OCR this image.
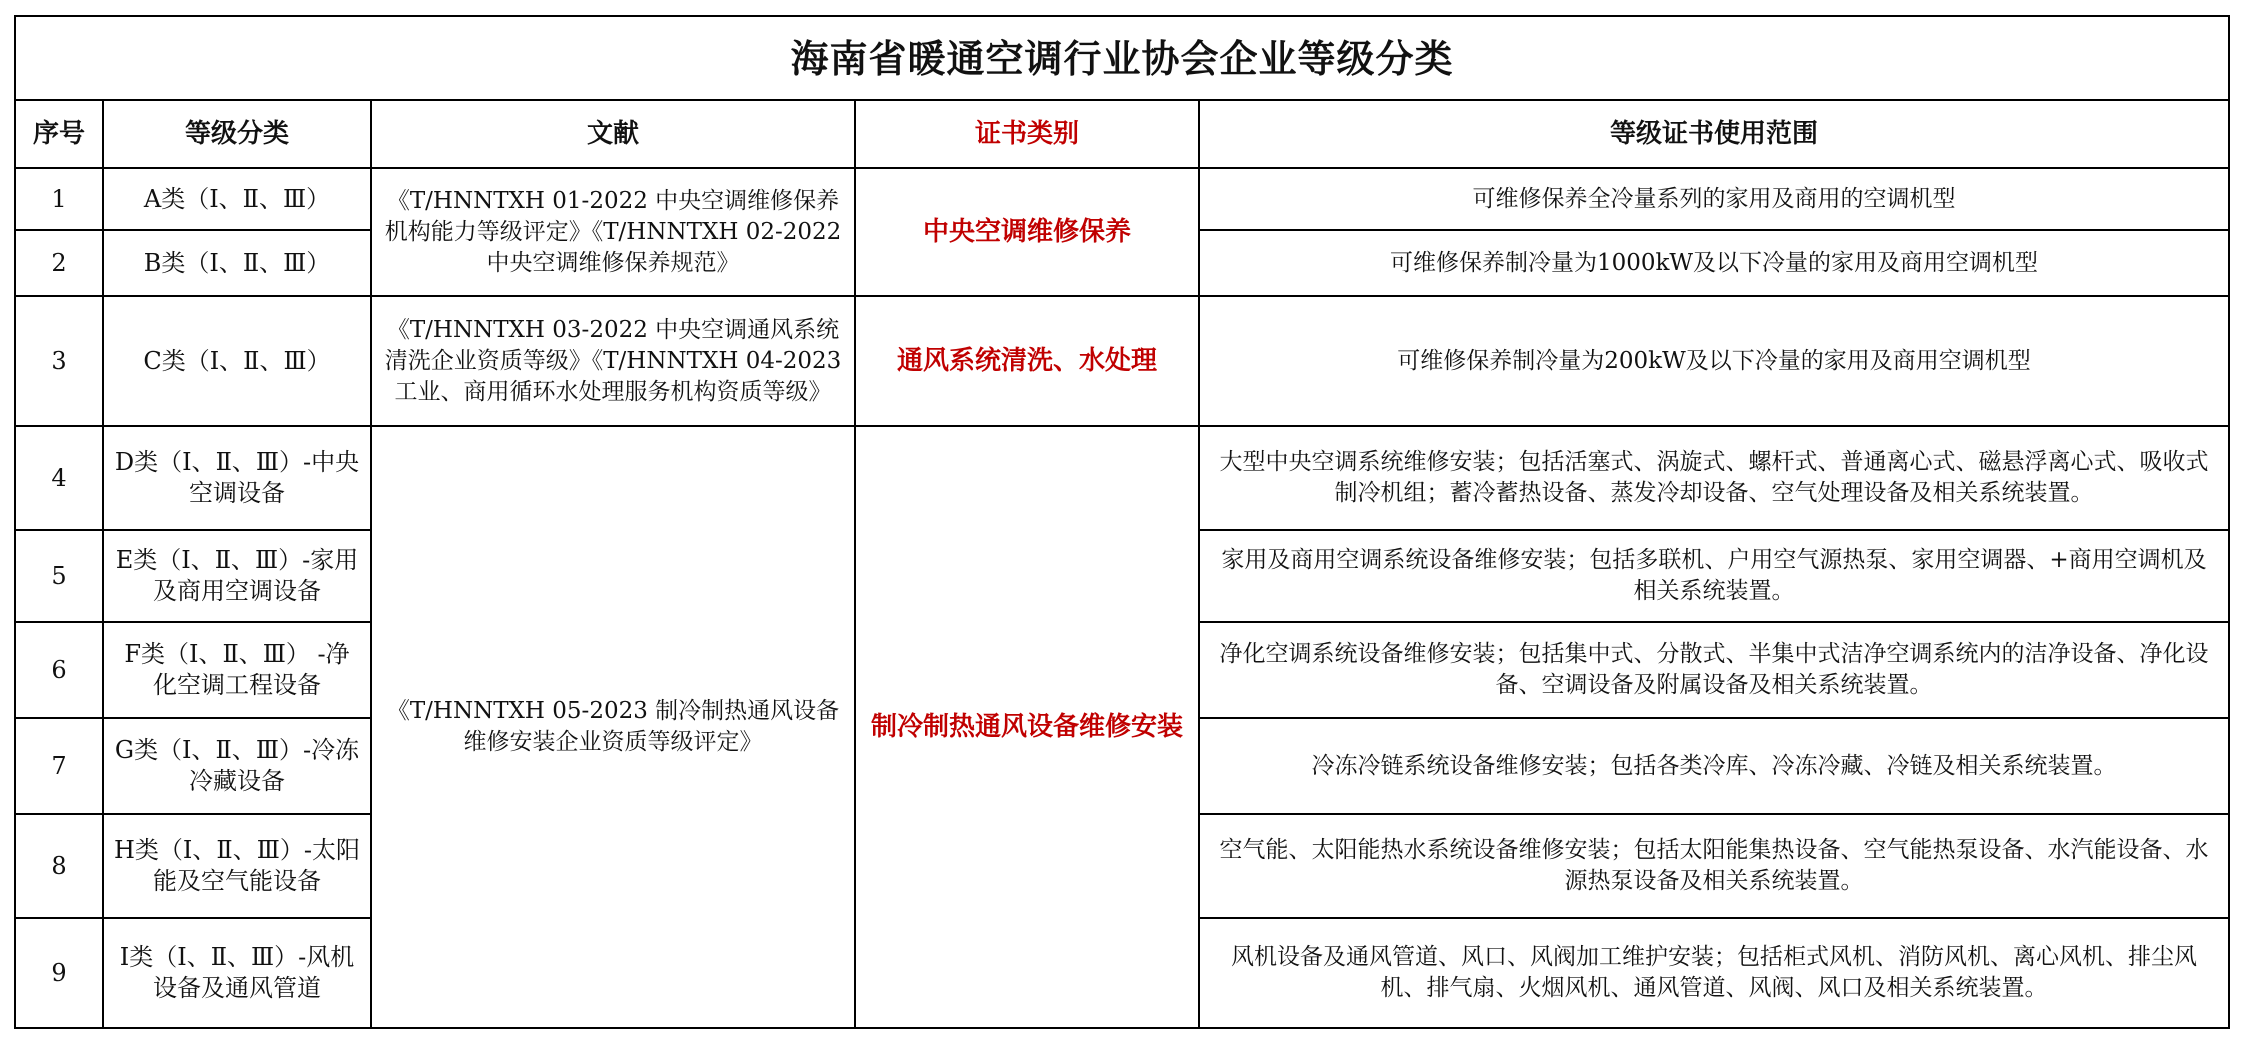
海南省暖通空调行业协会企业等级分类				
序号	等级分类	文献	证书类别	等级证书使用范围
1	A类（Ⅰ、Ⅱ、Ⅲ）	《T/HNNTXH 01-2022 中央空调维修保养机构能力等级评定》《T/HNNTXH 02-2022 中央空调维修保养规范》	中央空调维修保养	可维修保养全冷量系列的家用及商用的空调机型
2	B类（Ⅰ、Ⅱ、Ⅲ）			可维修保养制冷量为1000kW及以下冷量的家用及商用空调机型
3	C类（Ⅰ、Ⅱ、Ⅲ）	《T/HNNTXH 03-2022 中央空调通风系统清洗企业资质等级》《T/HNNTXH 04-2023 工业、商用循环水处理服务机构资质等级》	通风系统清洗、水处理	可维修保养制冷量为200kW及以下冷量的家用及商用空调机型
4	D类（Ⅰ、Ⅱ、Ⅲ）-中央空调设备	《T/HNNTXH 05-2023 制冷制热通风设备维修安装企业资质等级评定》	制冷制热通风设备维修安装	大型中央空调系统维修安装；包括活塞式、涡旋式、螺杆式、普通离心式、磁悬浮离心式、吸收式制冷机组；蓄冷蓄热设备、蒸发冷却设备、空气处理设备及相关系统装置。
5	E类（Ⅰ、Ⅱ、Ⅲ）-家用及商用空调设备			家用及商用空调系统设备维修安装；包括多联机、户用空气源热泵、家用空调器、+商用空调机及相关系统装置。
6	F类（Ⅰ、Ⅱ、Ⅲ） -净化空调工程设备			净化空调系统设备维修安装；包括集中式、分散式、半集中式洁净空调系统内的洁净设备、净化设备、空调设备及附属设备及相关系统装置。
7	G类（Ⅰ、Ⅱ、Ⅲ）-冷冻冷藏设备			冷冻冷链系统设备维修安装；包括各类冷库、冷冻冷藏、冷链及相关系统装置。
8	H类（Ⅰ、Ⅱ、Ⅲ）-太阳能及空气能设备			空气能、太阳能热水系统设备维修安装；包括太阳能集热设备、空气能热泵设备、水汽能设备、水源热泵设备及相关系统装置。
9	I类（Ⅰ、Ⅱ、Ⅲ）-风机设备及通风管道			风机设备及通风管道、风口、风阀加工维护安装；包括柜式风机、消防风机、离心风机、排尘风机、排气扇、火烟风机、通风管道、风阀、风口及相关系统装置。
